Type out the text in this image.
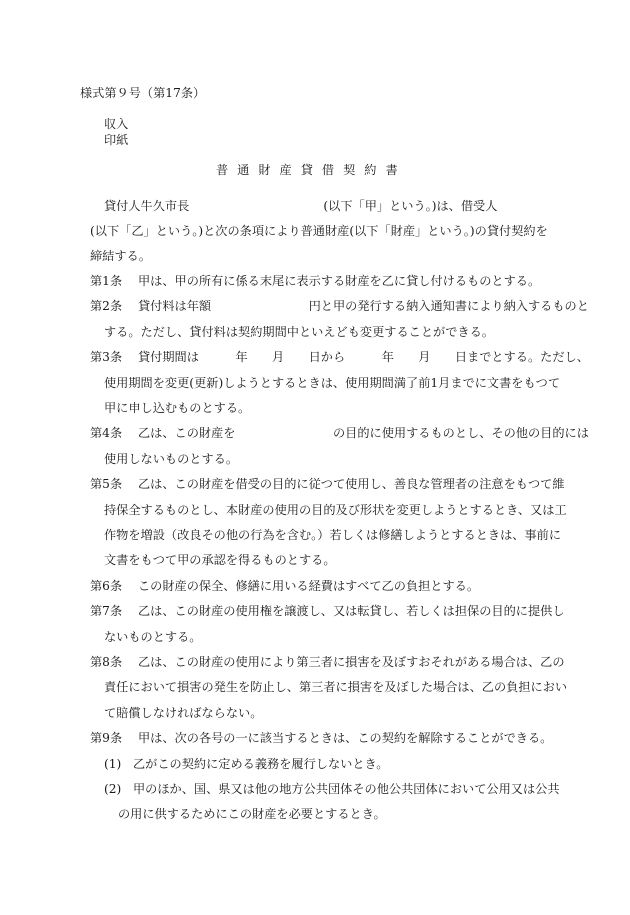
様式第９号（第17条）
収入
印紙
普通財産貸借契約書
貸付人牛久市長　　　　　　　　　　　(以下「甲」という。)は、借受人
(以下「乙」という。)と次の条項により普通財産(以下「財産」という。)の貸付契約を
締結する。
第1条 甲は、甲の所有に係る末尾に表示する財産を乙に貸し付けるものとする。
第2条 貸付料は年額　　　　　　　　円と甲の発行する納入通知書により納入するものと
する。ただし、貸付料は契約期間中といえども変更することができる。
第3条 貸付期間は　　　年　　月　　日から　　　年　　月　　日までとする。ただし、
使用期間を変更(更新)しようとするときは、使用期間満了前1月までに文書をもつて
甲に申し込むものとする。
第4条 乙は、この財産を　　　　　　　　の目的に使用するものとし、その他の目的には
使用しないものとする。
第5条 乙は、この財産を借受の目的に従つて使用し、善良な管理者の注意をもつて維
持保全するものとし、本財産の使用の目的及び形状を変更しようとするとき、又は工
作物を増設（改良その他の行為を含む。）若しくは修繕しようとするときは、事前に
文書をもつて甲の承認を得るものとする。
第6条 この財産の保全、修繕に用いる経費はすべて乙の負担とする。
第7条 乙は、この財産の使用権を譲渡し、又は転貸し、若しくは担保の目的に提供し
ないものとする。
第8条 乙は、この財産の使用により第三者に損害を及ぼすおそれがある場合は、乙の
責任において損害の発生を防止し、第三者に損害を及ぼした場合は、乙の負担におい
て賠償しなければならない。
第9条 甲は、次の各号の一に該当するときは、この契約を解除することができる。
(1) 乙がこの契約に定める義務を履行しないとき。
(2) 甲のほか、国、県又は他の地方公共団体その他公共団体において公用又は公共
の用に供するためにこの財産を必要とするとき。
